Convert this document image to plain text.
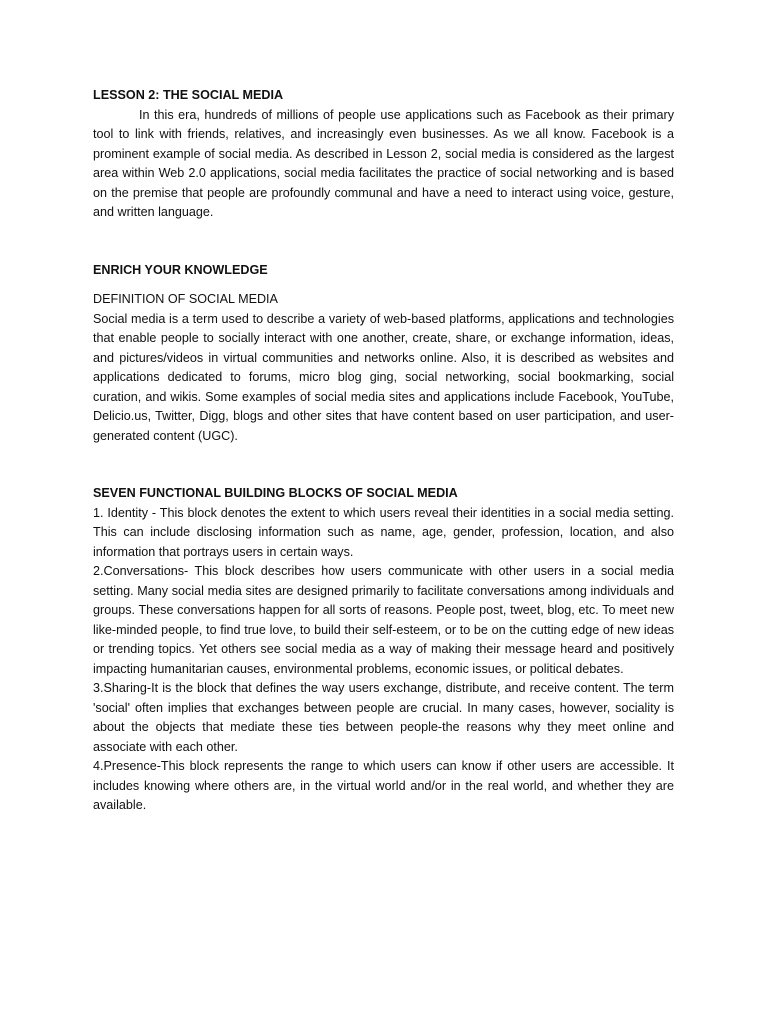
LESSON 2: THE SOCIAL MEDIA

In this era, hundreds of millions of people use applications such as Facebook as their primary tool to link with friends, relatives, and increasingly even businesses. As we all know. Facebook is a prominent example of social media. As described in Lesson 2, social media is considered as the largest area within Web 2.0 applications, social media facilitates the practice of social networking and is based on the premise that people are profoundly communal and have a need to interact using voice, gesture, and written language.

ENRICH YOUR KNOWLEDGE
DEFINITION OF SOCIAL MEDIA

Social media is a term used to describe a variety of web-based platforms, applications and technologies that enable people to socially interact with one another, create, share, or exchange information, ideas, and pictures/videos in virtual communities and networks online. Also, it is described as websites and applications dedicated to forums, micro blog ging, social networking, social bookmarking, social curation, and wikis. Some examples of social media sites and applications include Facebook, YouTube, Delicio.us, Twitter, Digg, blogs and other sites that have content based on user participation, and user-generated content (UGC).

SEVEN FUNCTIONAL BUILDING BLOCKS OF SOCIAL MEDIA

1. Identity - This block denotes the extent to which users reveal their identities in a social media setting. This can include disclosing information such as name, age, gender, profession, location, and also information that portrays users in certain ways.

2.Conversations- This block describes how users communicate with other users in a social media setting. Many social media sites are designed primarily to facilitate conversations among individuals and groups. These conversations happen for all sorts of reasons. People post, tweet, blog, etc. To meet new like-minded people, to find true love, to build their self-esteem, or to be on the cutting edge of new ideas or trending topics. Yet others see social media as a way of making their message heard and positively impacting humanitarian causes, environmental problems, economic issues, or political debates.

3.Sharing-It is the block that defines the way users exchange, distribute, and receive content. The term 'social' often implies that exchanges between people are crucial. In many cases, however, sociality is about the objects that mediate these ties between people-the reasons why they meet online and associate with each other.

4.Presence-This block represents the range to which users can know if other users are accessible. It includes knowing where others are, in the virtual world and/or in the real world, and whether they are available.
